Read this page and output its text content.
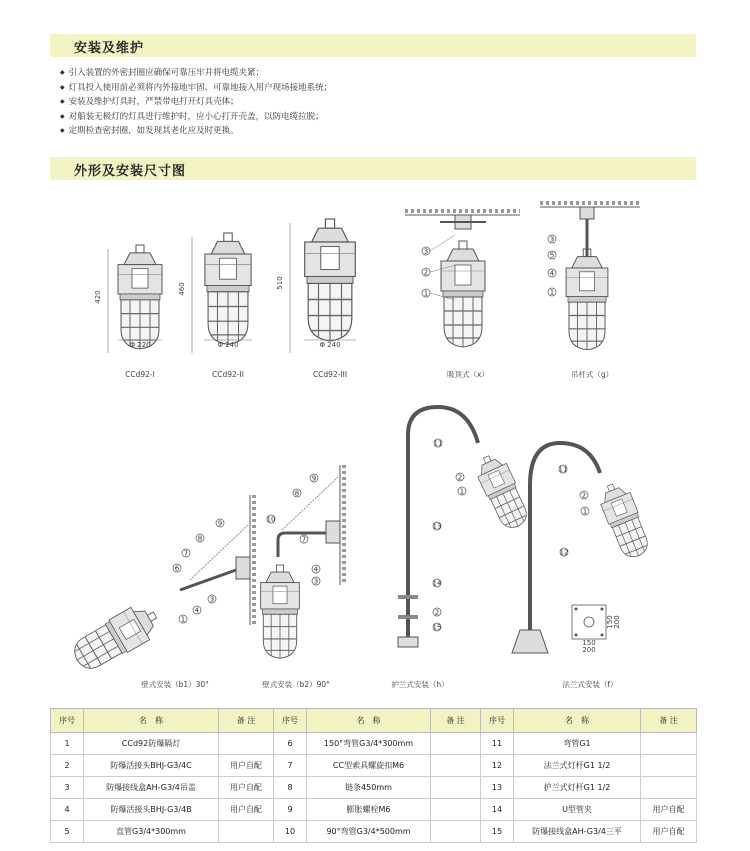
安装及维护
◆ 引入装置的外密封圈应确保可靠压牢并将电缆夹紧；
◆ 灯具投入使用前必须将内外接地牢固、可靠地接入用户现场接地系统；
◆ 安装及维护灯具时，严禁带电打开灯具壳体；
◆ 对船装无极灯的灯具进行维护时，应小心打开壳盖，以防电缆拉脱；
◆ 定期检查密封圈，如发现其老化应及时更换。
外形及安装尺寸图
420
Φ 220
CCd92-I
460
Φ 240
CCd92-II
510
Φ 240
CCd92-III
3
2
1
吸顶式（x）
3
5
4
1
吊杆式（g）
9
8
7
6
3
4
1
壁式安装（b1）30°
9
8
10
7
4
3
壁式安装（b2）90°
11
2
1
13
14
2
15
护兰式安装（h）
11
2
1
12
150
200
150 200
法兰式安装（f）
序号	名　称	备 注	序号	名　称	备 注	序号	名　称	备 注
1	CCd92防爆隔灯		6	150°弯管G3/4*300mm		11	弯管G1	
2	防爆活接头BHJ-G3/4C	用户自配	7	CC型索具螺旋扣M6		12	法兰式灯杆G1 1/2	
3	防爆接线盒AH-G3/4吊盖	用户自配	8	链条450mm		13	护兰式灯杆G1 1/2	
4	防爆活接头BHJ-G3/4B	用户自配	9	膨胀螺栓M6		14	U型管夹	用户自配
5	直管G3/4*300mm		10	90°弯管G3/4*500mm		15	防爆接线盒AH-G3/4三平	用户自配
